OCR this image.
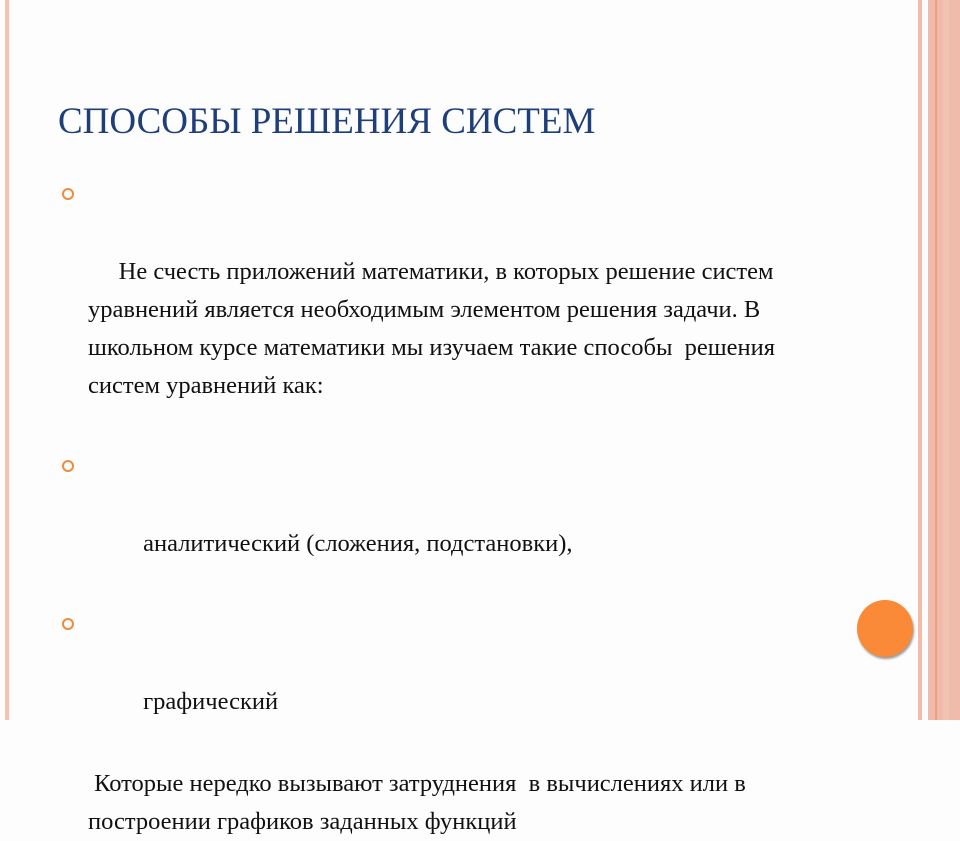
СПОСОБЫ РЕШЕНИЯ СИСТЕМ

Не счесть приложений математики, в которых решение систем уравнений является необходимым элементом решения задачи. В школьном курсе математики мы изучаем такие способы  решения систем уравнений как:

аналитический (сложения, подстановки),

графический

Которые нередко вызывают затруднения  в вычислениях или в построении графиков заданных функций
